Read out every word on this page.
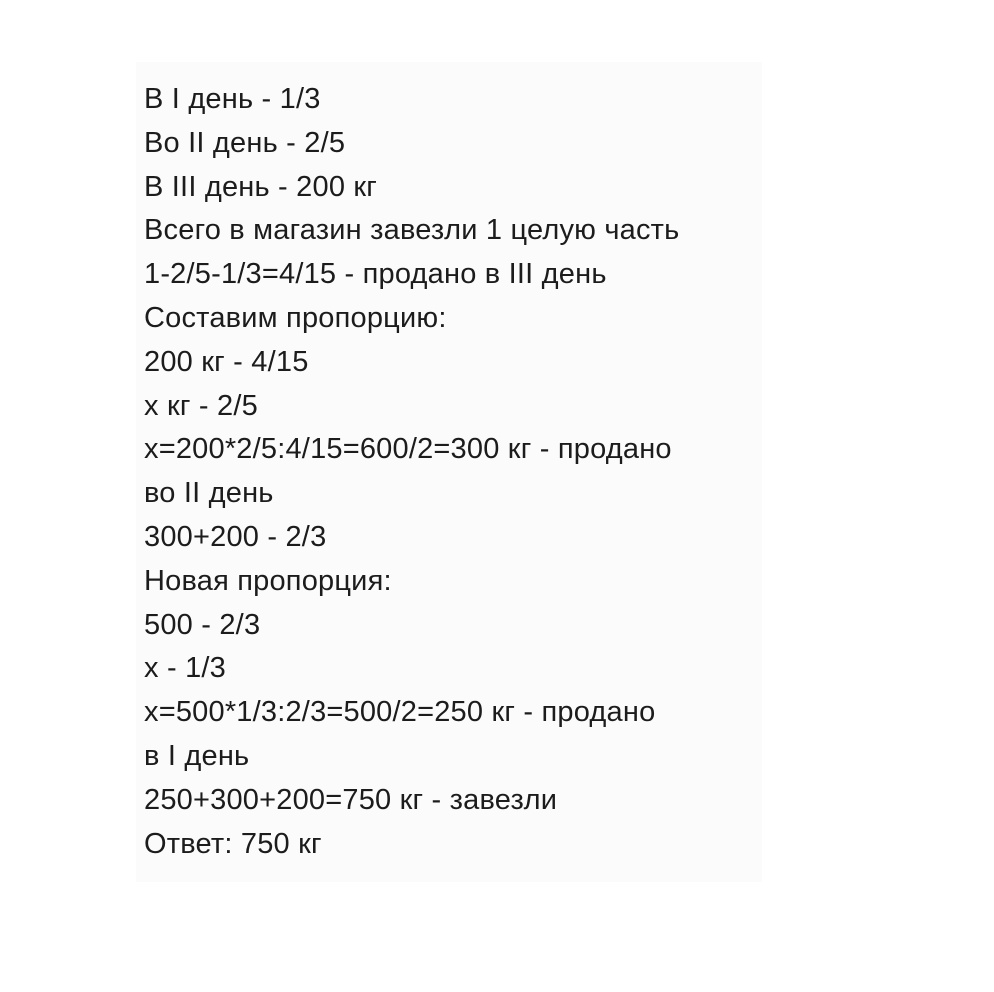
В I день - 1/3
Во II день - 2/5
В III день - 200 кг
Всего в магазин завезли 1 целую часть
1-2/5-1/3=4/15 - продано в III день
Составим пропорцию:
200 кг - 4/15
x кг - 2/5
x=200*2/5:4/15=600/2=300 кг - продано
во II день
300+200 - 2/3
Новая пропорция:
500 - 2/3
x - 1/3
x=500*1/3:2/3=500/2=250 кг - продано
в I день
250+300+200=750 кг - завезли
Ответ: 750 кг
